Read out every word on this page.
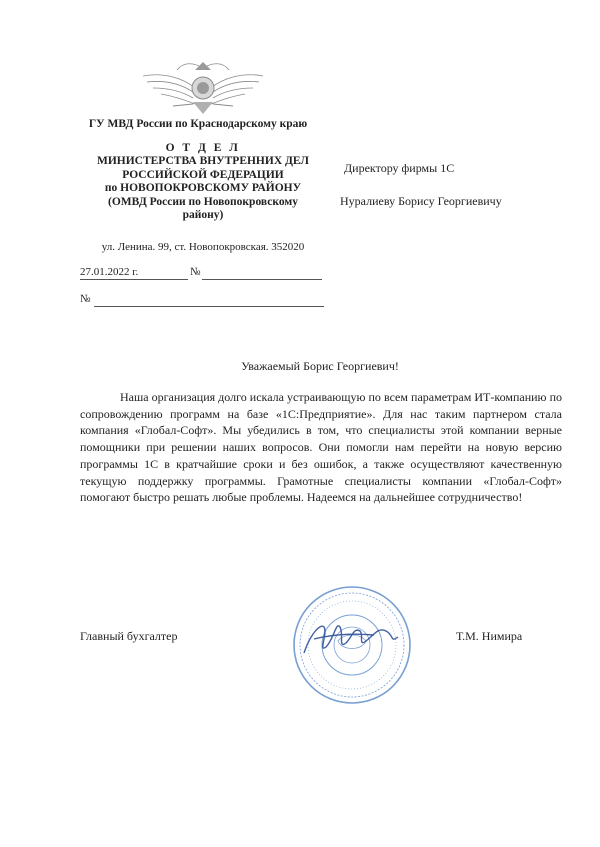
ГУ МВД России по Краснодарскому краю
О Т Д Е Л
МИНИСТЕРСТВА ВНУТРЕННИХ ДЕЛ
РОССИЙСКОЙ ФЕДЕРАЦИИ
по НОВОПОКРОВСКОМУ РАЙОНУ
(ОМВД России по Новопокровскому
району)
ул. Ленина. 99, ст. Новопокровская. 352020
27.01.2022 г.	№
№
Директору фирмы 1С
Нуралиеву Борису Георгиевичу
Уважаемый Борис Георгиевич!

Наша организация долго искала устраивающую по всем параметрам ИТ-компанию по сопровождению программ на базе «1С:Предприятие». Для нас таким партнером стала компания «Глобал-Софт». Мы убедились в том, что специалисты этой компании верные помощники при решении наших вопросов. Они помогли нам перейти на новую версию программы 1С в кратчайшие сроки и без ошибок, а также осуществляют качественную текущую поддержку программы. Грамотные специалисты компании «Глобал-Софт» помогают быстро решать любые проблемы. Надеемся на дальнейшее сотрудничество!

Главный бухгалтер	Т.М. Нимира
